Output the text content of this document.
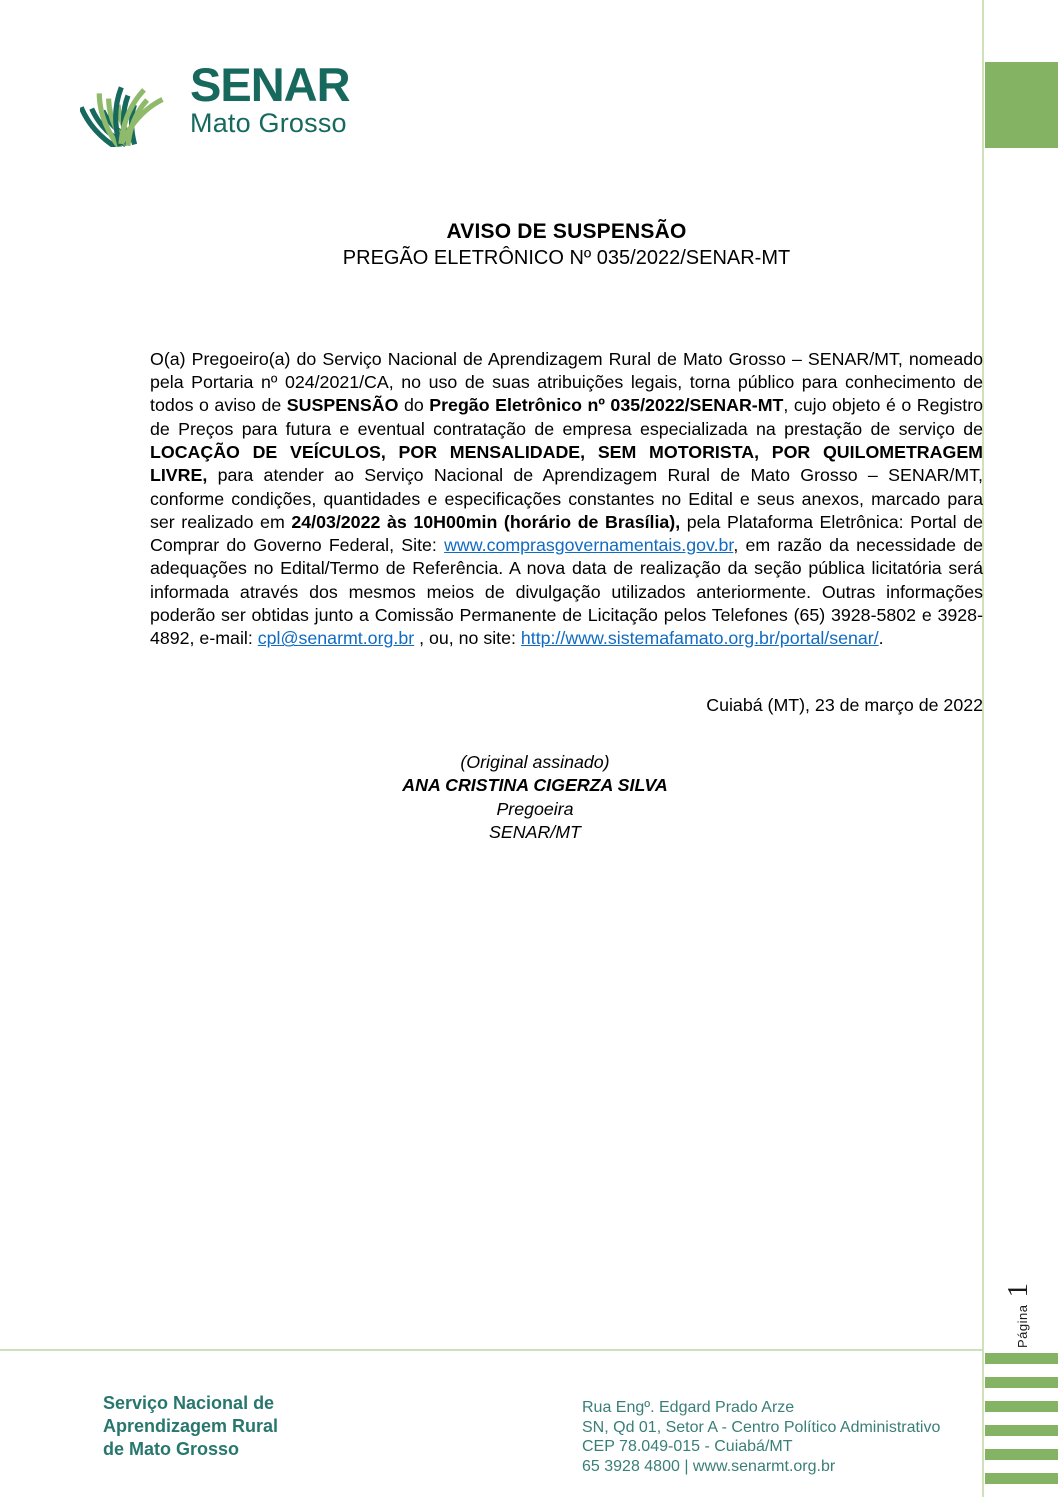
Página
1
SENAR
Mato Grosso
AVISO DE SUSPENSÃO
PREGÃO ELETRÔNICO Nº 035/2022/SENAR-MT

O(a) Pregoeiro(a) do Serviço Nacional de Aprendizagem Rural de Mato Grosso – SENAR/MT, nomeado pela Portaria nº 024/2021/CA, no uso de suas atribuições legais, torna público para conhecimento de todos o aviso de SUSPENSÃO do Pregão Eletrônico nº 035/2022/SENAR-MT, cujo objeto é o Registro de Preços para futura e eventual contratação de empresa especializada na prestação de serviço de LOCAÇÃO DE VEÍCULOS, POR MENSALIDADE, SEM MOTORISTA, POR QUILOMETRAGEM LIVRE, para atender ao Serviço Nacional de Aprendizagem Rural de Mato Grosso – SENAR/MT, conforme condições, quantidades e especificações constantes no Edital e seus anexos, marcado para ser realizado em 24/03/2022 às 10H00min (horário de Brasília), pela Plataforma Eletrônica: Portal de Comprar do Governo Federal, Site: www.comprasgovernamentais.gov.br, em razão da necessidade de adequações no Edital/Termo de Referência. A nova data de realização da seção pública licitatória será informada através dos mesmos meios de divulgação utilizados anteriormente. Outras informações poderão ser obtidas junto a Comissão Permanente de Licitação pelos Telefones (65) 3928-5802 e 3928-4892, e-mail: cpl@senarmt.org.br , ou, no site: http://www.sistemafamato.org.br/portal/senar/.

Cuiabá (MT), 23 de março de 2022
(Original assinado)
ANA CRISTINA CIGERZA SILVA
Pregoeira
SENAR/MT
Serviço Nacional de
Aprendizagem Rural
de Mato Grosso
Rua Engº. Edgard Prado Arze
SN, Qd 01, Setor A - Centro Político Administrativo
CEP 78.049-015 - Cuiabá/MT
65 3928 4800 | www.senarmt.org.br
